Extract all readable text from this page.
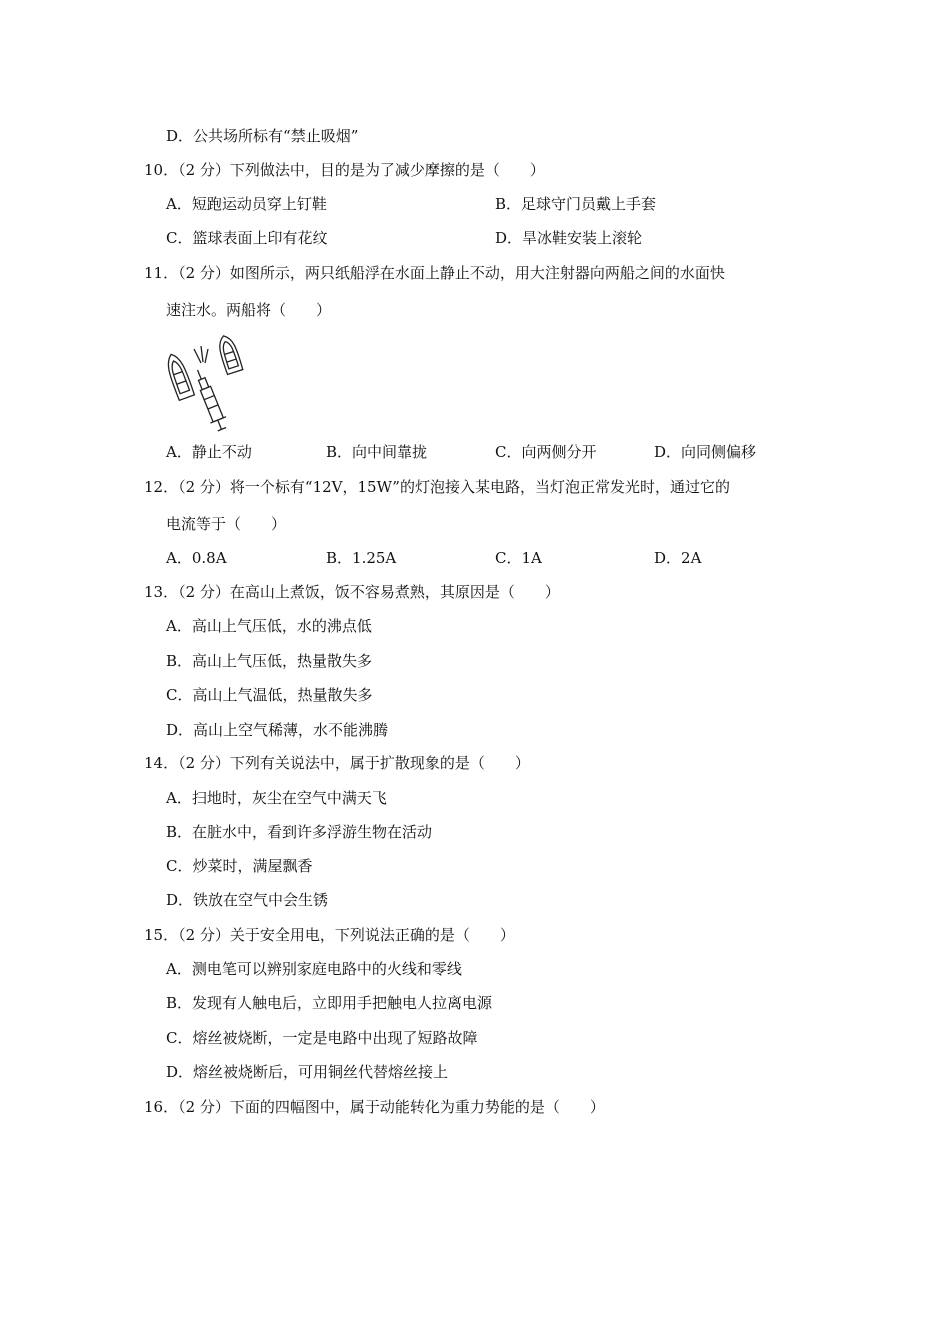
D．公共场所标有“禁止吸烟”
10．（2 分）下列做法中，目的是为了减少摩擦的是（　　）
A．短跑运动员穿上钉鞋	B．足球守门员戴上手套
C．篮球表面上印有花纹	D．旱冰鞋安装上滚轮
11．（2 分）如图所示，两只纸船浮在水面上静止不动，用大注射器向两船之间的水面快
速注水。两船将（　　）
A．静止不动	B．向中间靠拢	C．向两侧分开	D．向同侧偏移
12．（2 分）将一个标有“12V，15W”的灯泡接入某电路，当灯泡正常发光时，通过它的
电流等于（　　）
A．0.8A	B．1.25A	C．1A	D．2A
13．（2 分）在高山上煮饭，饭不容易煮熟，其原因是（　　）
A．高山上气压低，水的沸点低
B．高山上气压低，热量散失多
C．高山上气温低，热量散失多
D．高山上空气稀薄，水不能沸腾
14．（2 分）下列有关说法中，属于扩散现象的是（　　）
A．扫地时，灰尘在空气中满天飞
B．在脏水中，看到许多浮游生物在活动
C．炒菜时，满屋飘香
D．铁放在空气中会生锈
15．（2 分）关于安全用电，下列说法正确的是（　　）
A．测电笔可以辨别家庭电路中的火线和零线
B．发现有人触电后，立即用手把触电人拉离电源
C．熔丝被烧断，一定是电路中出现了短路故障
D．熔丝被烧断后，可用铜丝代替熔丝接上
16．（2 分）下面的四幅图中，属于动能转化为重力势能的是（　　）
